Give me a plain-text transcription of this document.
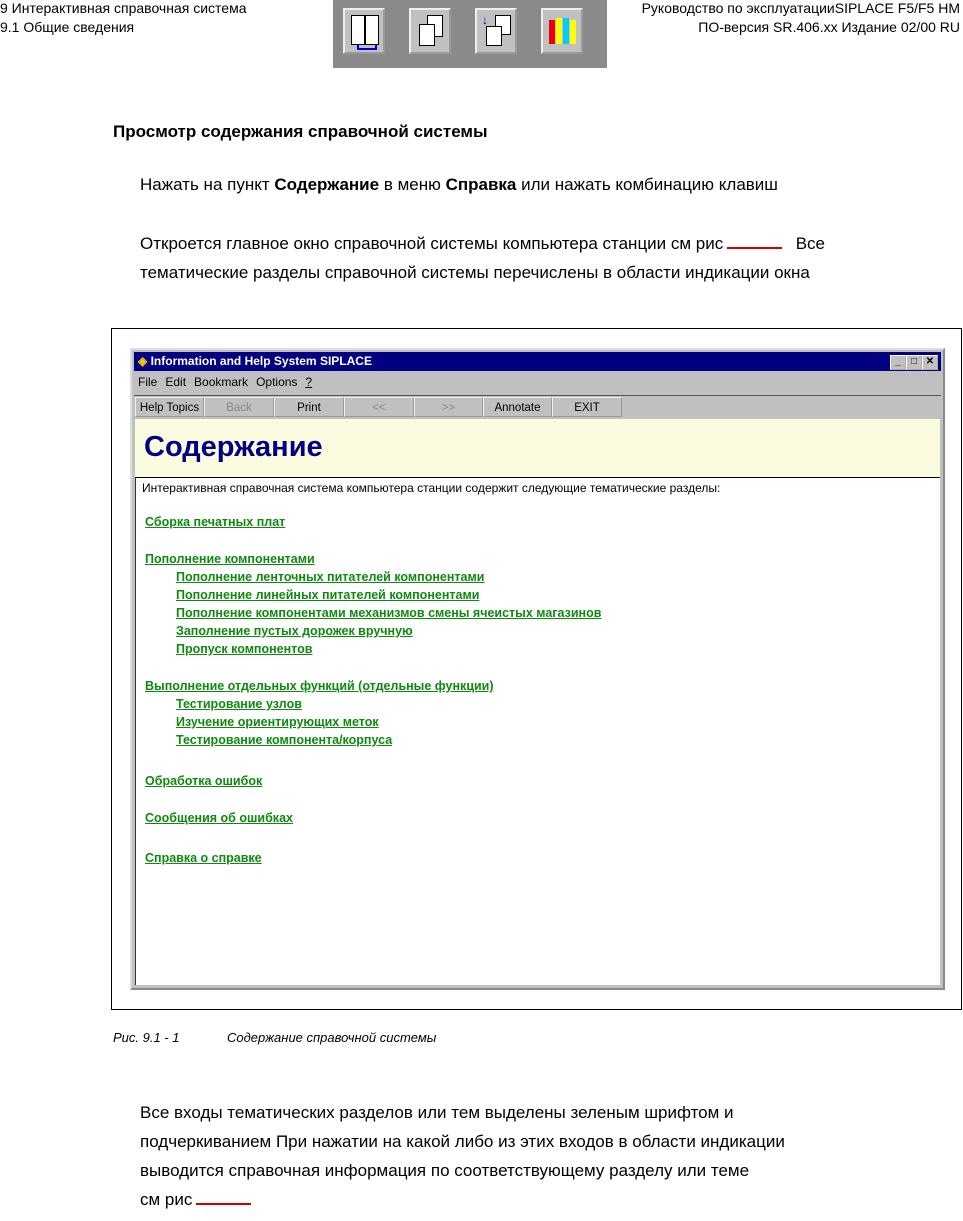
9 Интерактивная справочная система
9.1 Общие сведения
Руководство по эксплуатацииSIPLACE F5/F5 HM
ПО-версия SR.406.xx Издание 02/00 RU
↓
Просмотр содержания справочной системы
Нажать на пункт Содержание в меню Справка или нажать комбинацию клавиш
Откроется главное окно справочной системы компьютера станции см рис	Все
тематические разделы справочной системы перечислены в области индикации окна
◈ Information and Help System SIPLACE	_	□ ✕
File Edit Bookmark Options ?
Help Topics	Back	Print	<<	>>	Annotate	EXIT
Содержание
Интерактивная справочная система компьютера станции содержит следующие тематические разделы:
Сборка печатных плат
Пополнение компонентами
Пополнение ленточных питателей компонентами
Пополнение линейных питателей компонентами
Пополнение компонентами механизмов смены ячеистых магазинов
Заполнение пустых дорожек вручную
Пропуск компонентов
Выполнение отдельных функций (отдельные функции)
Тестирование узлов
Изучение ориентирующих меток
Тестирование компонента/корпуса
Обработка ошибок
Сообщения об ошибках
Справка о справке
Рис. 9.1 - 1	Содержание справочной системы
Все входы тематических разделов или тем выделены зеленым шрифтом и
подчеркиванием При нажатии на какой либо из этих входов в области индикации
выводится справочная информация по соответствующему разделу или теме
см рис
